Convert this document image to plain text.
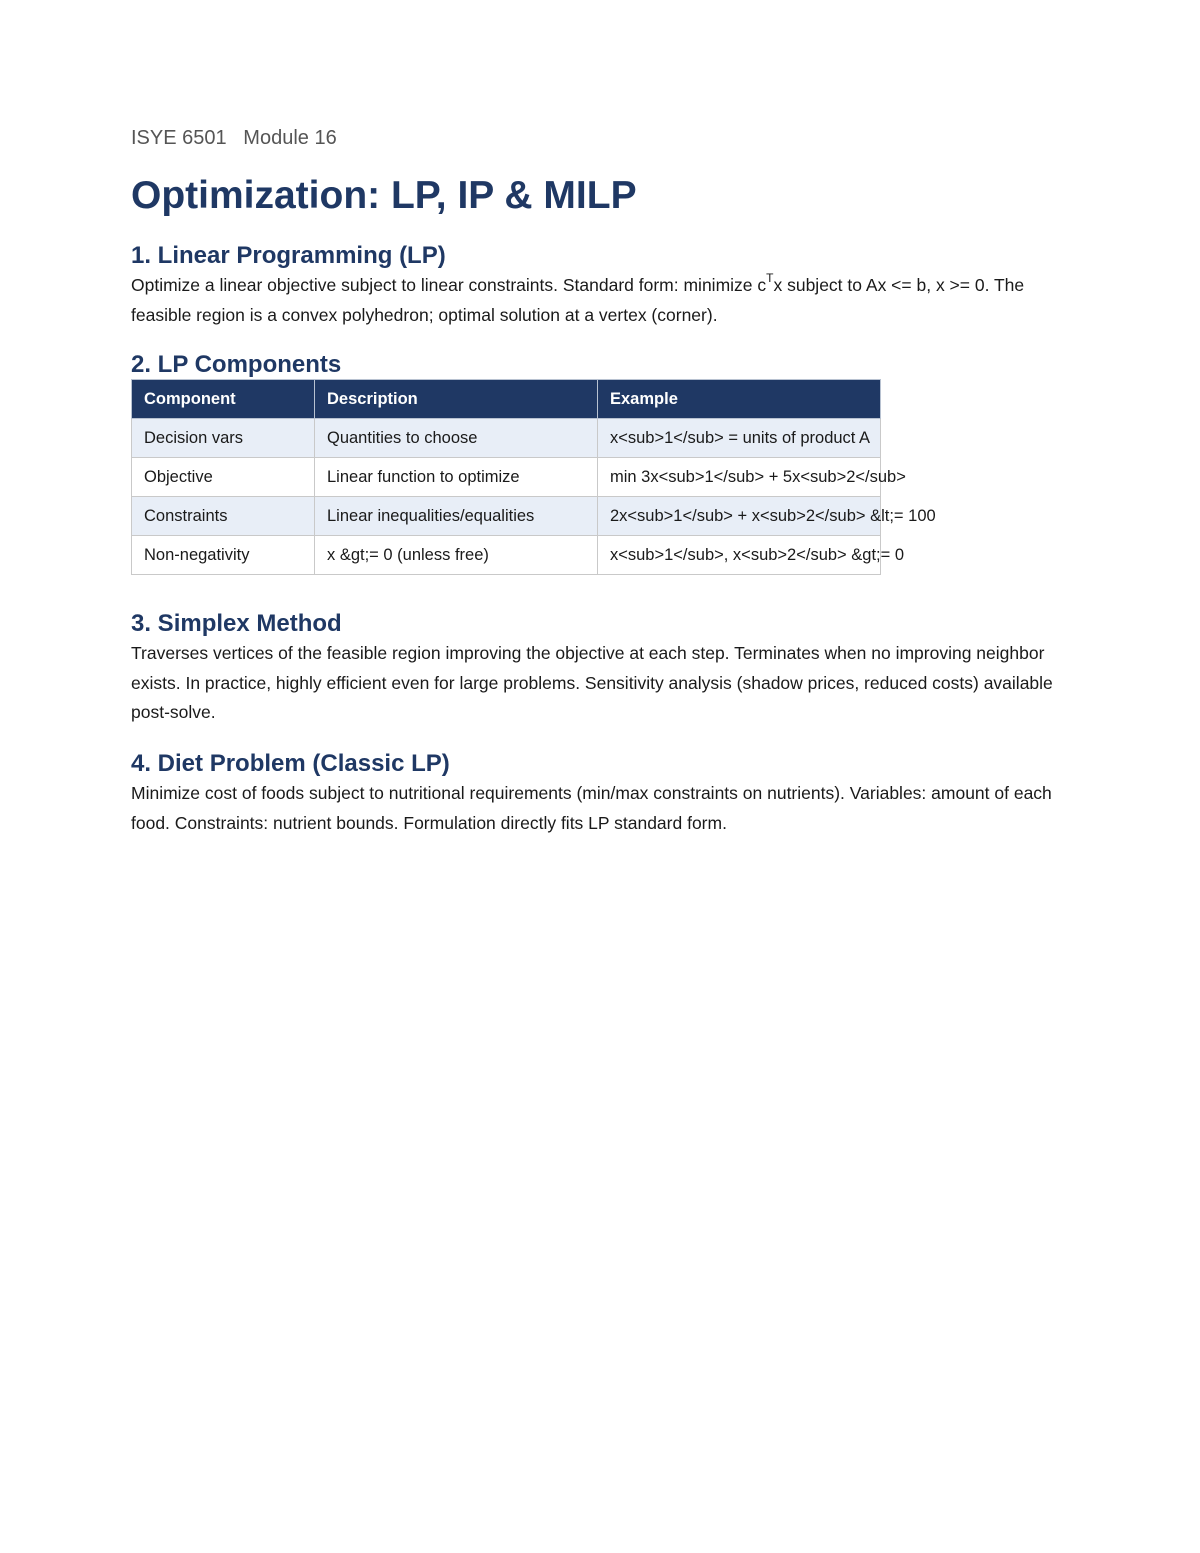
ISYE 6501 Module 16
Optimization: LP, IP & MILP
1. Linear Programming (LP)

Optimize a linear objective subject to linear constraints. Standard form: minimize $c^Tx$ subject to Ax <= b, x >= 0. The feasible region is a convex polyhedron; optimal solution at a vertex (corner).

2. LP Components
Component	Description	Example
Decision vars	Quantities to choose	x<sub>1</sub> = units of product A
Objective	Linear function to optimize	min 3x<sub>1</sub> + 5x<sub>2</sub>
Constraints	Linear inequalities/equalities	2x<sub>1</sub> + x<sub>2</sub> &lt;= 100
Non-negativity	x &gt;= 0 (unless free)	x<sub>1</sub>, x<sub>2</sub> &gt;= 0
3. Simplex Method

Traverses vertices of the feasible region improving the objective at each step. Terminates when no improving neighbor exists. In practice, highly efficient even for large problems. Sensitivity analysis (shadow prices, reduced costs) available post-solve.

4. Diet Problem (Classic LP)

Minimize cost of foods subject to nutritional requirements (min/max constraints on nutrients). Variables: amount of each food. Constraints: nutrient bounds. Formulation directly fits LP standard form.
